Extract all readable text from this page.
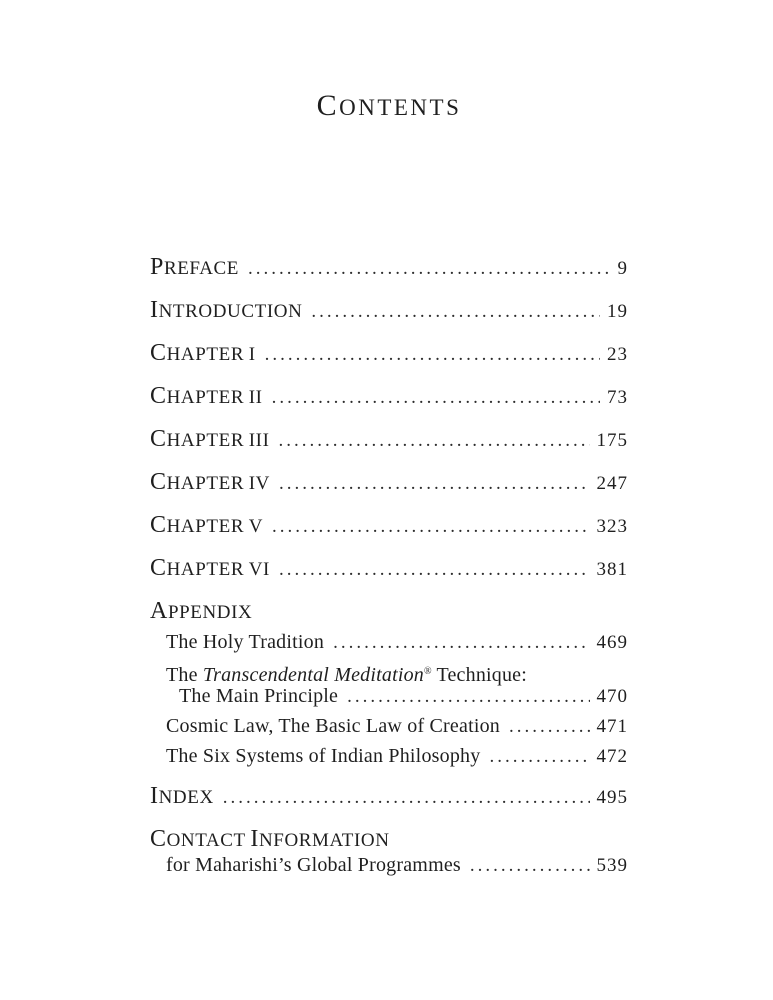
CONTENTS
PREFACE .....	9
INTRODUCTION .....	19
CHAPTER I .....	23
CHAPTER II .....	73
CHAPTER III .....	175
CHAPTER IV .....	247
CHAPTER V .....	323
CHAPTER VI .....	381
APPENDIX
The Holy Tradition .....	469
The Transcendental Meditation® Technique:
The Main Principle .....	470
Cosmic Law, The Basic Law of Creation .....	471
The Six Systems of Indian Philosophy .....	472
INDEX .....	495
CONTACT INFORMATION
for Maharishi’s Global Programmes .....	539
